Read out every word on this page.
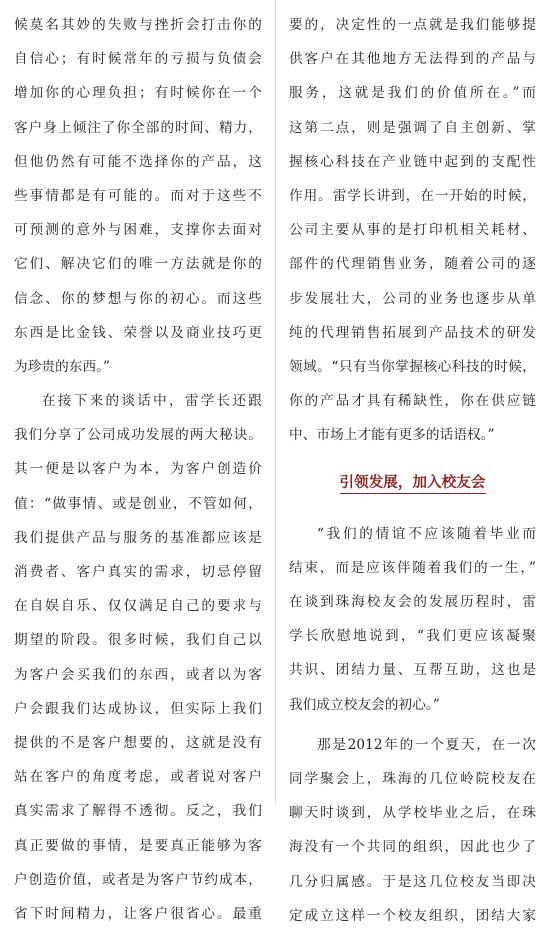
候莫名其妙的失败与挫折会打击你的
自信心；有时候常年的亏损与负债会
增加你的心理负担；有时候你在一个
客户身上倾注了你全部的时间、精力，
但他仍然有可能不选择你的产品，这
些事情都是有可能的。而对于这些不
可预测的意外与困难，支撑你去面对
它们、解决它们的唯一方法就是你的
信念、你的梦想与你的初心。而这些
东西是比金钱、荣誉以及商业技巧更
为珍贵的东西。”
在接下来的谈话中，雷学长还跟
我们分享了公司成功发展的两大秘诀。
其一便是以客户为本，为客户创造价
值：“做事情、或是创业，不管如何，
我们提供产品与服务的基准都应该是
消费者、客户真实的需求，切忌停留
在自娱自乐、仅仅满足自己的要求与
期望的阶段。很多时候，我们自己以
为客户会买我们的东西，或者以为客
户会跟我们达成协议，但实际上我们
提供的不是客户想要的，这就是没有
站在客户的角度考虑，或者说对客户
真实需求了解得不透彻。反之，我们
真正要做的事情，是要真正能够为客
户创造价值，或者是为客户节约成本，
省下时间精力，让客户很省心。最重
要的，决定性的一点就是我们能够提
供客户在其他地方无法得到的产品与
服务，这就是我们的价值所在。”而
这第二点，则是强调了自主创新、掌
握核心科技在产业链中起到的支配性
作用。雷学长讲到，在一开始的时候，
公司主要从事的是打印机相关耗材、
部件的代理销售业务，随着公司的逐
步发展壮大，公司的业务也逐步从单
纯的代理销售拓展到产品技术的研发
领域。“只有当你掌握核心科技的时候，
你的产品才具有稀缺性，你在供应链
中、市场上才能有更多的话语权。”
引领发展，加入校友会
“我们的情谊不应该随着毕业而
结束，而是应该伴随着我们的一生，”
在谈到珠海校友会的发展历程时，雷
学长欣慰地说到，“我们更应该凝聚
共识、团结力量、互帮互助，这也是
我们成立校友会的初心。”
那是2012年的一个夏天，在一次
同学聚会上，珠海的几位岭院校友在
聊天时谈到，从学校毕业之后，在珠
海没有一个共同的组织，因此也少了
几分归属感。于是这几位校友当即决
定成立这样一个校友组织，团结大家
